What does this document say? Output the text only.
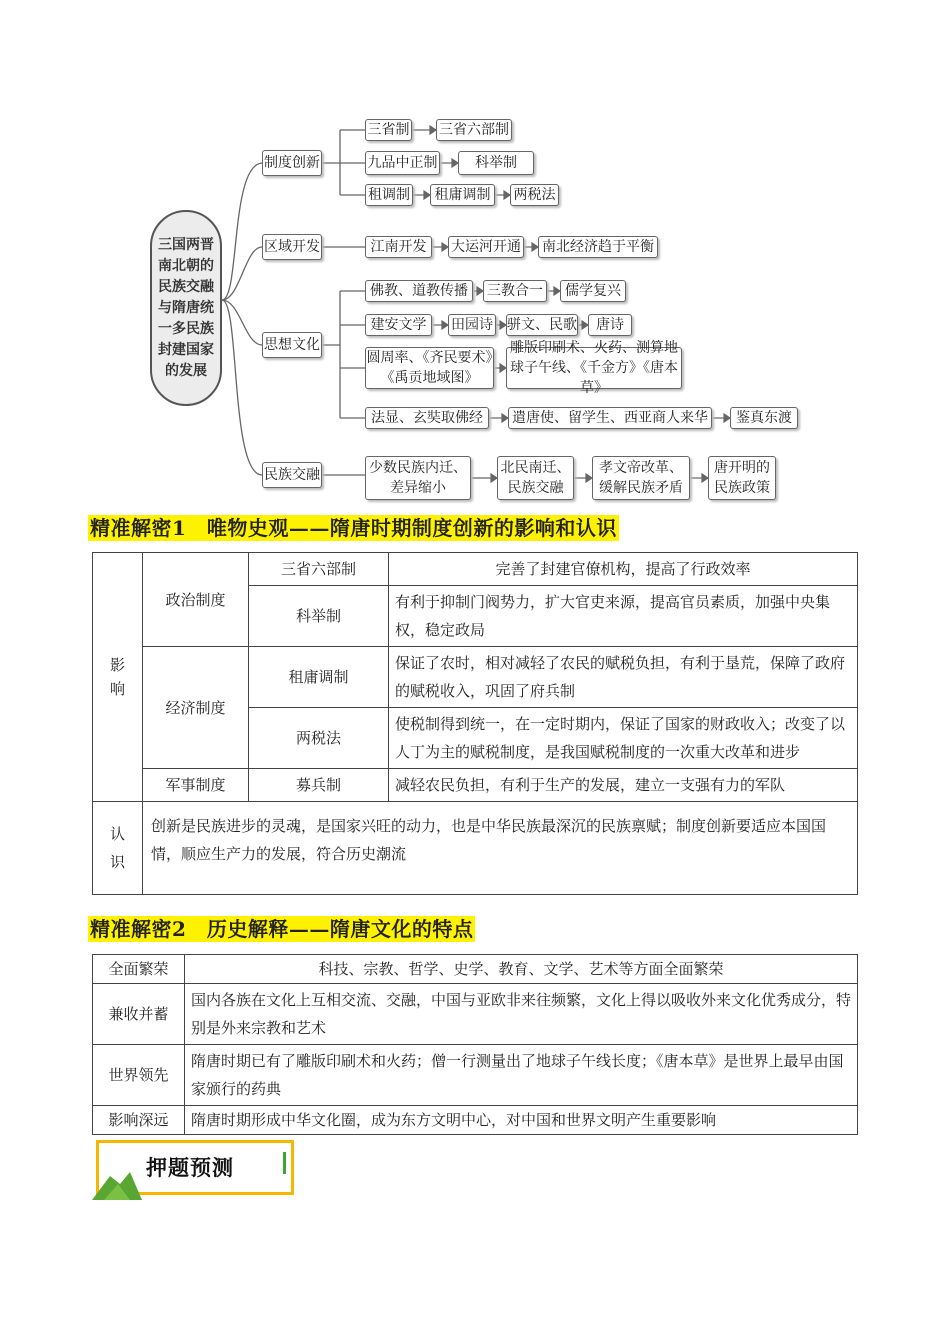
三国两晋南北朝的民族交融与隋唐统一多民族封建国家的发展
制度创新
三省制 三省六部制
九品中正制	科举制
租调制	租庸调制	两税法
区域开发	江南开发	大运河开通 南北经济趋于平衡
思想文化
佛教、道教传播	三教合一	儒学复兴
建安文学	田园诗 骈文、民歌	唐诗
圆周率、《齐民要术》《禹贡地域图》
雕版印刷术、火药、测算地球子午线、《千金方》《唐本草》
法显、玄奘取佛经	遣唐使、留学生、西亚商人来华	鉴真东渡
民族交融	少数民族内迁、差异缩小
北民南迁、民族交融
孝文帝改革、缓解民族矛盾
唐开明的民族政策
精准解密1　唯物史观——隋唐时期制度创新的影响和认识
影响	政治制度	三省六部制	完善了封建官僚机构，提高了行政效率
		科举制	有利于抑制门阀势力，扩大官吏来源，提高官员素质，加强中央集权，稳定政局
	经济制度	租庸调制	保证了农时，相对减轻了农民的赋税负担，有利于垦荒，保障了政府的赋税收入，巩固了府兵制
		两税法	使税制得到统一，在一定时期内，保证了国家的财政收入；改变了以人丁为主的赋税制度，是我国赋税制度的一次重大改革和进步
	军事制度	募兵制	减轻农民负担，有利于生产的发展，建立一支强有力的军队
认识	创新是民族进步的灵魂，是国家兴旺的动力，也是中华民族最深沉的民族禀赋；制度创新要适应本国国情，顺应生产力的发展，符合历史潮流		
精准解密2　历史解释——隋唐文化的特点
全面繁荣	科技、宗教、哲学、史学、教育、文学、艺术等方面全面繁荣
兼收并蓄	国内各族在文化上互相交流、交融，中国与亚欧非来往频繁，文化上得以吸收外来文化优秀成分，特别是外来宗教和艺术
世界领先	隋唐时期已有了雕版印刷术和火药；僧一行测量出了地球子午线长度；《唐本草》是世界上最早由国家颁行的药典
影响深远	隋唐时期形成中华文化圈，成为东方文明中心，对中国和世界文明产生重要影响
押题预测
